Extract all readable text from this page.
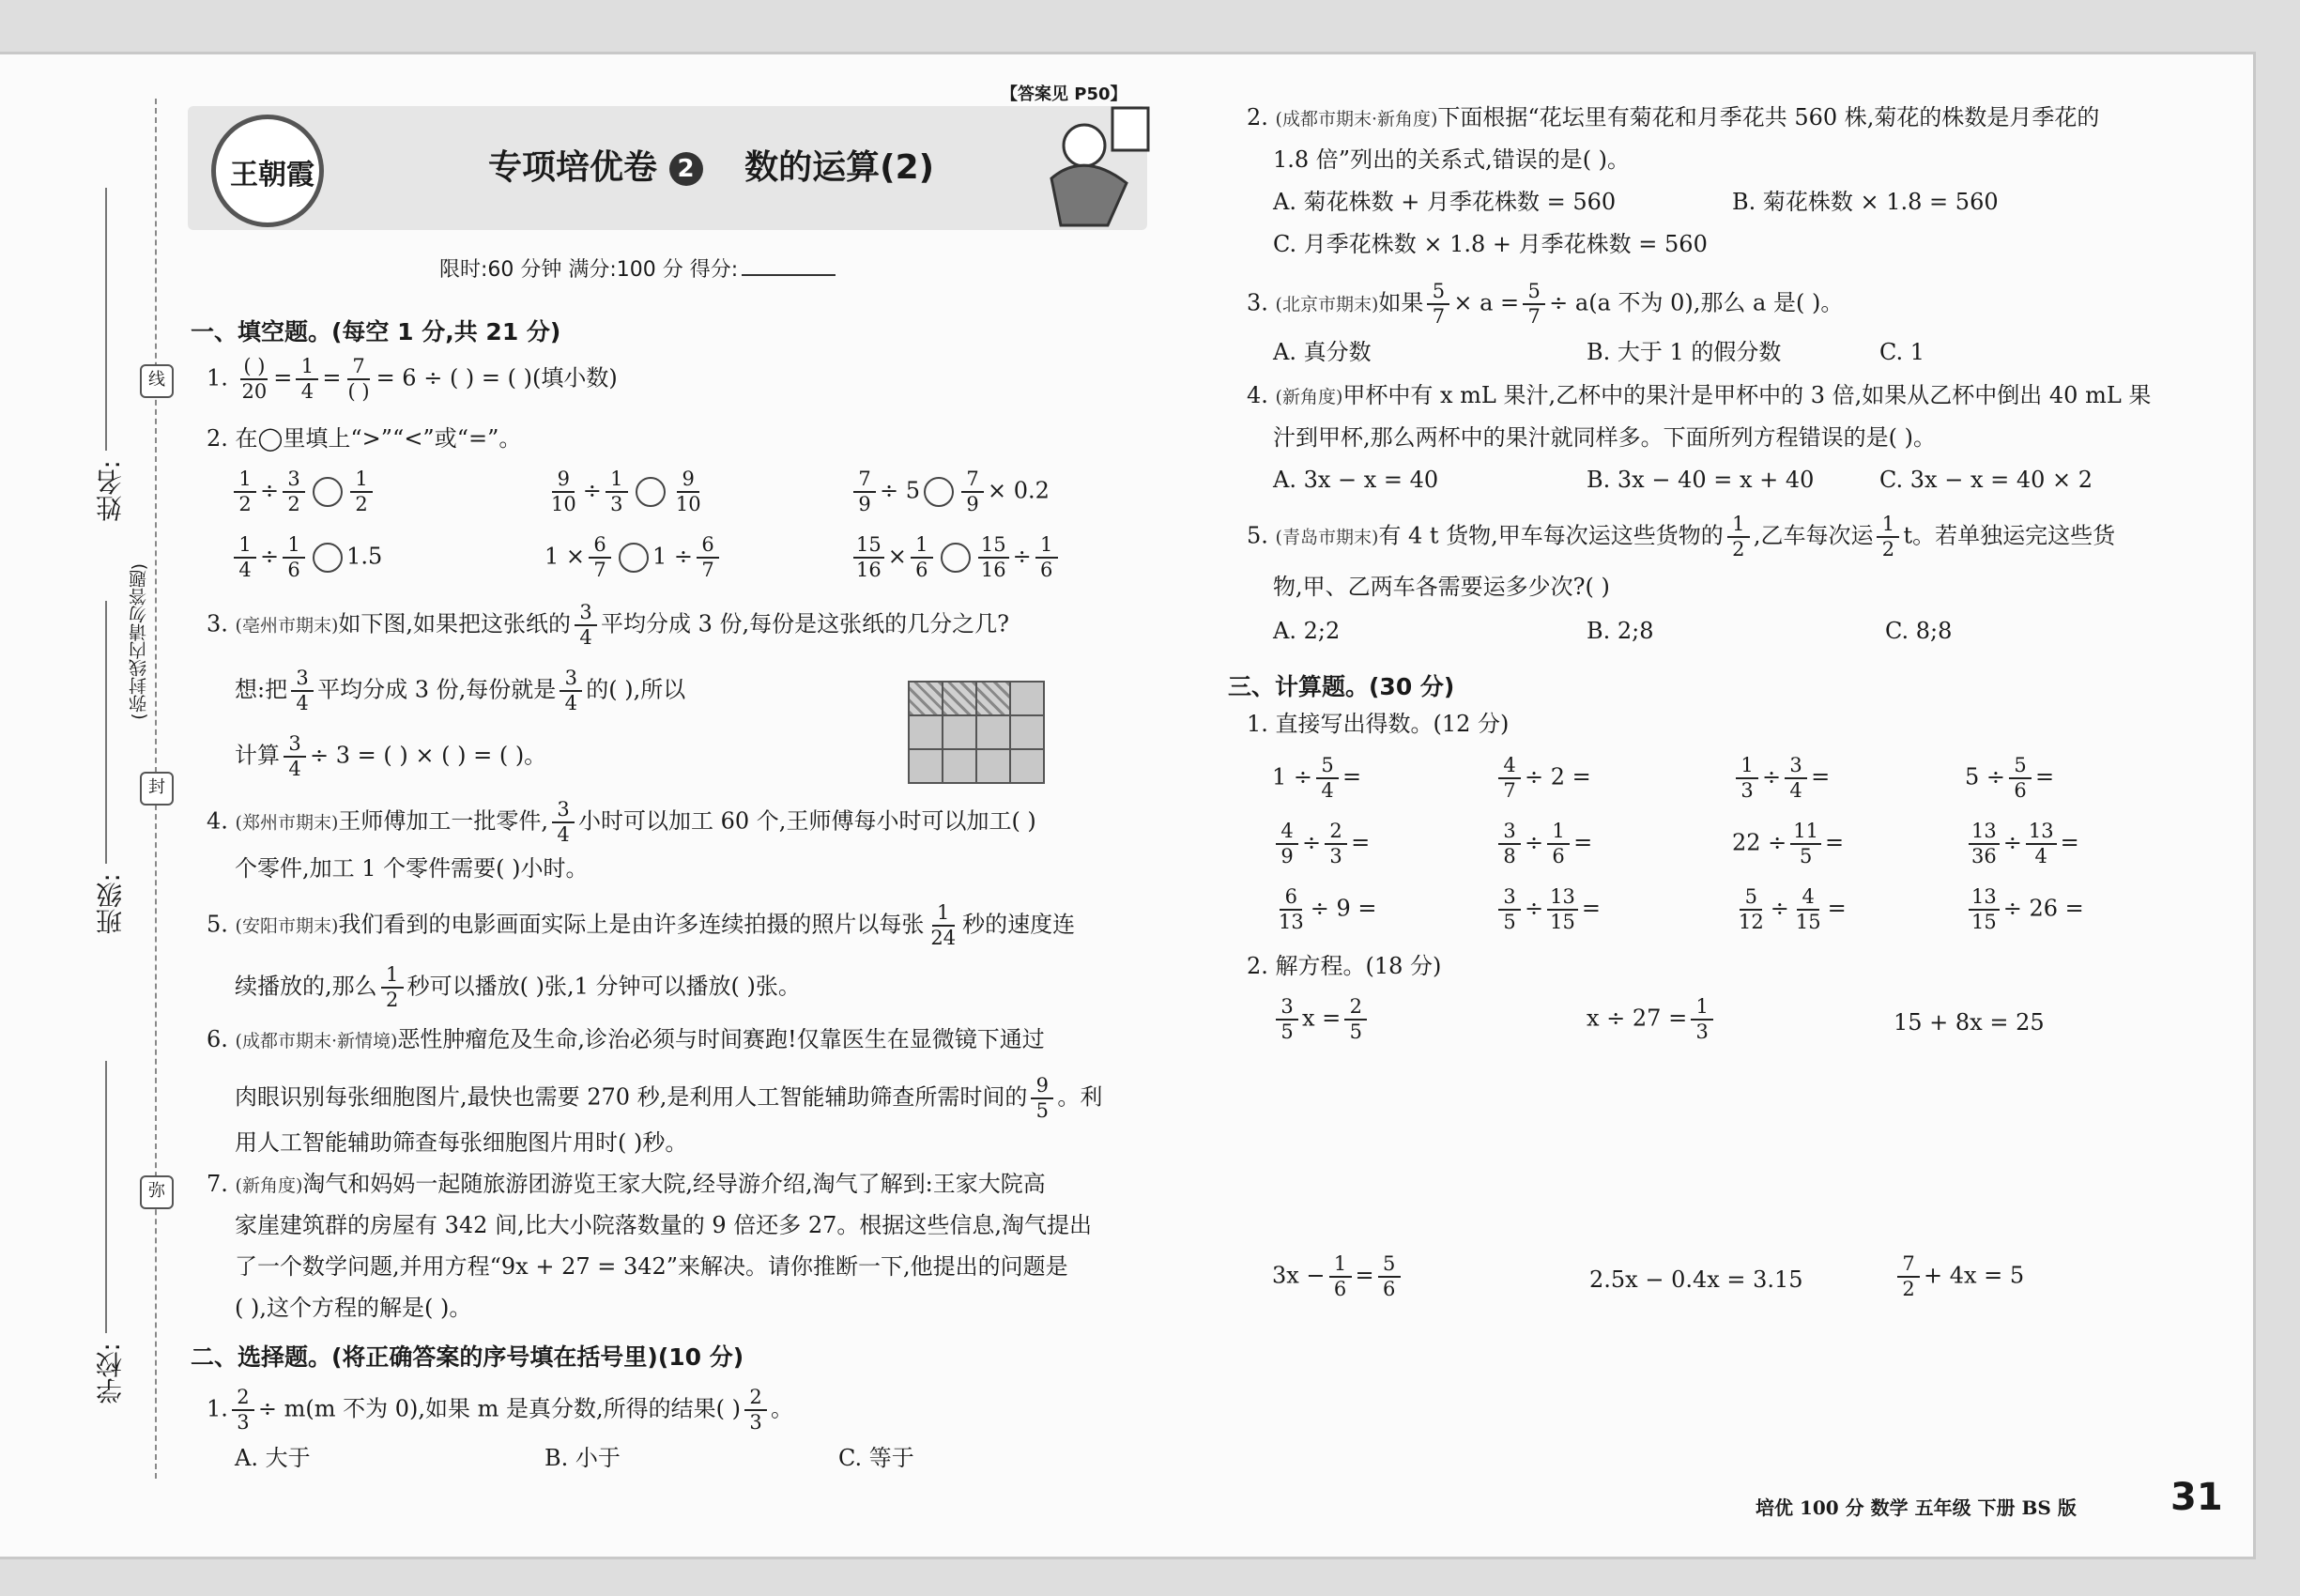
姓名:
班级:
学校:
(弥封线内请勿答题)
线
封
弥
【答案见 P50】
王朝霞	专项培优卷 2 数的运算(2)
限时:60 分钟 满分:100 分 得分:
一、填空题。(每空 1 分,共 21 分)
1. $\frac{( )}{20} = \frac{1}{4} = \frac{7}{( )} = 6$ ÷ ( ) = ( )(填小数)
2. 在◯里填上“>”“<”或“=”。
$\frac{1}{2} \div \frac{3}{2} \frac{1}{2}$	$\frac{9}{10} \div \frac{1}{3} \frac{9}{10}$	$\frac{7}{9} \div 5 \frac{7}{9} \times 0.2$
$\frac{1}{4} \div \frac{1}{6} 1.5$	$1 \times \frac{6}{7} 1 \div \frac{6}{7}$	$\frac{15}{16} \times \frac{1}{6} \frac{15}{16} \div \frac{1}{6}$
3. (亳州市期末)如下图,如果把这张纸的 $\frac{3}{4}$ 平均分成 3 份,每份是这张纸的几分之几?
想:把 $\frac{3}{4}$ 平均分成 3 份,每份就是 $\frac{3}{4}$ 的( ),所以
计算 $\frac{3}{4} \div 3$ = ( ) × ( ) = ( )。

4. (郑州市期末)王师傅加工一批零件, $\frac{3}{4}$ 小时可以加工 60 个,王师傅每小时可以加工( )
个零件,加工 1 个零件需要( )小时。
5. (安阳市期末)我们看到的电影画面实际上是由许多连续拍摄的照片以每张 $\frac{1}{24}$ 秒的速度连
续播放的,那么 $\frac{1}{2}$ 秒可以播放( )张,1 分钟可以播放( )张。
6. (成都市期末·新情境)恶性肿瘤危及生命,诊治必须与时间赛跑!仅靠医生在显微镜下通过
肉眼识别每张细胞图片,最快也需要 270 秒,是利用人工智能辅助筛查所需时间的 $\frac{9}{5}$ 。利
用人工智能辅助筛查每张细胞图片用时( )秒。
7. (新角度)淘气和妈妈一起随旅游团游览王家大院,经导游介绍,淘气了解到:王家大院高
家崖建筑群的房屋有 342 间,比大小院落数量的 9 倍还多 27。根据这些信息,淘气提出
了一个数学问题,并用方程“9x + 27 = 342”来解决。请你推断一下,他提出的问题是
( ),这个方程的解是( )。
二、选择题。(将正确答案的序号填在括号里)(10 分)
1. $\frac{2}{3} \div m(m$ 不为 0),如果 m 是真分数,所得的结果( ) $\frac{2}{3}$ 。
A. 大于	B. 小于	C. 等于
2. (成都市期末·新角度)下面根据“花坛里有菊花和月季花共 560 株,菊花的株数是月季花的
1.8 倍”列出的关系式,错误的是( )。
A. 菊花株数 + 月季花株数 = 560	B. 菊花株数 × 1.8 = 560
C. 月季花株数 × 1.8 + 月季花株数 = 560
3. (北京市期末)如果 $\frac{5}{7} \times a = \frac{5}{7} \div a(a$ 不为 0),那么 a 是( )。
A. 真分数	B. 大于 1 的假分数	C. 1
4. (新角度)甲杯中有 x mL 果汁,乙杯中的果汁是甲杯中的 3 倍,如果从乙杯中倒出 40 mL 果
汁到甲杯,那么两杯中的果汁就同样多。下面所列方程错误的是( )。
A. 3x − x = 40	B. 3x − 40 = x + 40	C. 3x − x = 40 × 2
5. (青岛市期末)有 4 t 货物,甲车每次运这些货物的 $\frac{1}{2}$ ,乙车每次运 $\frac{1}{2}$ t。若单独运完这些货
物,甲、乙两车各需要运多少次?( )
A. 2;2	B. 2;8	C. 8;8
三、计算题。(30 分)
1. 直接写出得数。(12 分)
$1 \div \frac{5}{4}$ =	$\frac{4}{7} \div 2$ =	$\frac{1}{3} \div \frac{3}{4}$ =	$5 \div \frac{5}{6}$ =
$\frac{4}{9} \div \frac{2}{3}$ =	$\frac{3}{8} \div \frac{1}{6}$ =	$22 \div \frac{11}{5}$ =	$\frac{13}{36} \div \frac{13}{4}$ =
$\frac{6}{13} \div 9$ =	$\frac{3}{5} \div \frac{13}{15}$ =	$\frac{5}{12} \div \frac{4}{15}$ =	$\frac{13}{15} \div 26$ =
2. 解方程。(18 分)
$\frac{3}{5}$ $x = \frac{2}{5}$	$x \div 27 = \frac{1}{3}$	15 + 8x = 25
$3x - \frac{1}{6} = \frac{5}{6}$	2.5x − 0.4x = 3.15	$\frac{7}{2} + 4x = 5$
培优 100 分 数学 五年级 下册 BS 版	31
